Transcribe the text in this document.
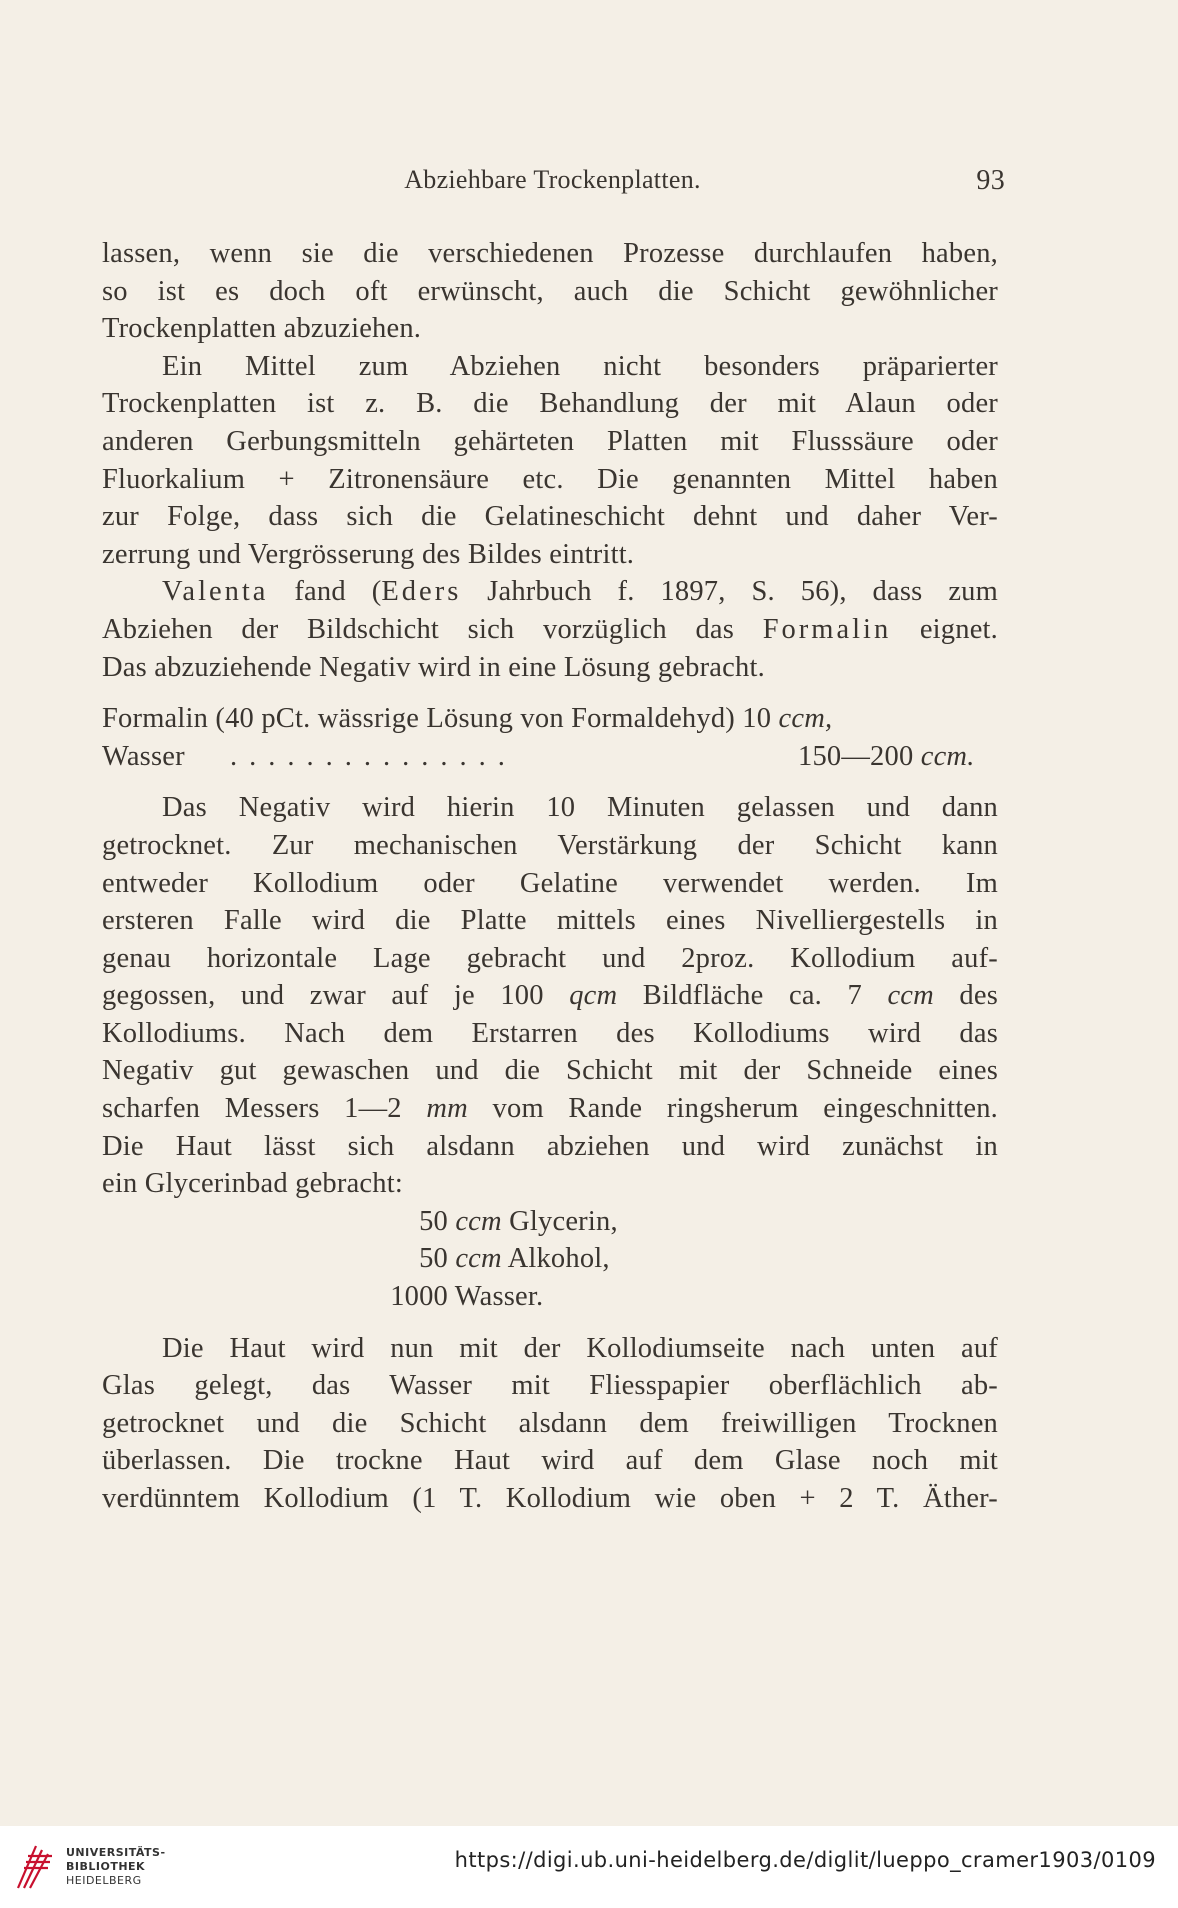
Abziehbare Trockenplatten.	93
lassen, wenn sie die verschiedenen Prozesse durchlaufen haben,
so ist es doch oft erwünscht, auch die Schicht gewöhnlicher
Trockenplatten abzuziehen.
Ein Mittel zum Abziehen nicht besonders präparierter
Trockenplatten ist z. B. die Behandlung der mit Alaun oder
anderen Gerbungsmitteln gehärteten Platten mit Flusssäure oder
Fluorkalium + Zitronensäure etc. Die genannten Mittel haben
zur Folge, dass sich die Gelatineschicht dehnt und daher Ver-
zerrung und Vergrösserung des Bildes eintritt.
Valenta fand (Eders Jahrbuch f. 1897, S. 56), dass zum
Abziehen der Bildschicht sich vorzüglich das Formalin eignet.
Das abzuziehende Negativ wird in eine Lösung gebracht.
Formalin (40 pCt. wässrige Lösung von Formaldehyd) 10 ccm,
Wasser ...............	150—200 ccm.
Das Negativ wird hierin 10 Minuten gelassen und dann
getrocknet. Zur mechanischen Verstärkung der Schicht kann
entweder Kollodium oder Gelatine verwendet werden. Im
ersteren Falle wird die Platte mittels eines Nivelliergestells in
genau horizontale Lage gebracht und 2proz. Kollodium auf-
gegossen, und zwar auf je 100 qcm Bildfläche ca. 7 ccm des
Kollodiums. Nach dem Erstarren des Kollodiums wird das
Negativ gut gewaschen und die Schicht mit der Schneide eines
scharfen Messers 1—2 mm vom Rande ringsherum eingeschnitten.
Die Haut lässt sich alsdann abziehen und wird zunächst in
ein Glycerinbad gebracht:
50 ccm Glycerin,
50 ccm Alkohol,
1000 Wasser.
Die Haut wird nun mit der Kollodiumseite nach unten auf
Glas gelegt, das Wasser mit Fliesspapier oberflächlich ab-
getrocknet und die Schicht alsdann dem freiwilligen Trocknen
überlassen. Die trockne Haut wird auf dem Glase noch mit
verdünntem Kollodium (1 T. Kollodium wie oben + 2 T. Äther-
UNIVERSITÄTS-
BIBLIOTHEK
HEIDELBERG
https://digi.ub.uni-heidelberg.de/diglit/lueppo_cramer1903/0109
